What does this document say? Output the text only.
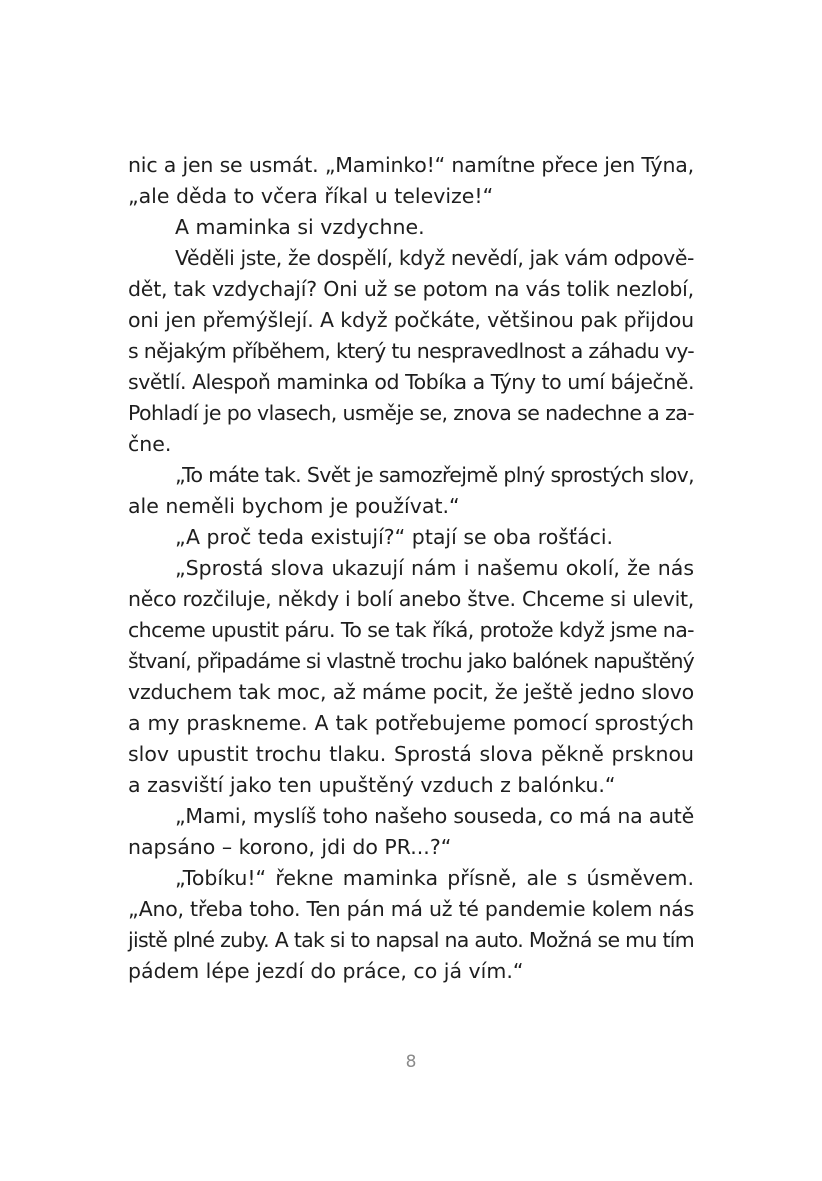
nic a jen se usmát. „Maminko!“ namítne přece jen Týna,
„ale děda to včera říkal u televize!“
A maminka si vzdychne.
Věděli jste, že dospělí, když nevědí, jak vám odpově-
dět, tak vzdychají? Oni už se potom na vás tolik nezlobí,
oni jen přemýšlejí. A když počkáte, většinou pak přijdou
s nějakým příběhem, který tu nespravedlnost a záhadu vy-
světlí. Alespoň maminka od Tobíka a Týny to umí báječně.
Pohladí je po vlasech, usměje se, znova se nadechne a za-
čne.
„To máte tak. Svět je samozřejmě plný sprostých slov,
ale neměli bychom je používat.“
„A proč teda existují?“ ptají se oba rošťáci.
„Sprostá slova ukazují nám i našemu okolí, že nás
něco rozčiluje, někdy i bolí anebo štve. Chceme si ulevit,
chceme upustit páru. To se tak říká, protože když jsme na-
štvaní, připadáme si vlastně trochu jako balónek napuštěný
vzduchem tak moc, až máme pocit, že ještě jedno slovo
a my praskneme. A tak potřebujeme pomocí sprostých
slov upustit trochu tlaku. Sprostá slova pěkně prsknou
a zasviští jako ten upuštěný vzduch z balónku.“
„Mami, myslíš toho našeho souseda, co má na autě
napsáno – korono, jdi do PR...?“
„Tobíku!“ řekne maminka přísně, ale s úsměvem.
„Ano, třeba toho. Ten pán má už té pandemie kolem nás
jistě plné zuby. A tak si to napsal na auto. Možná se mu tím
pádem lépe jezdí do práce, co já vím.“
8
